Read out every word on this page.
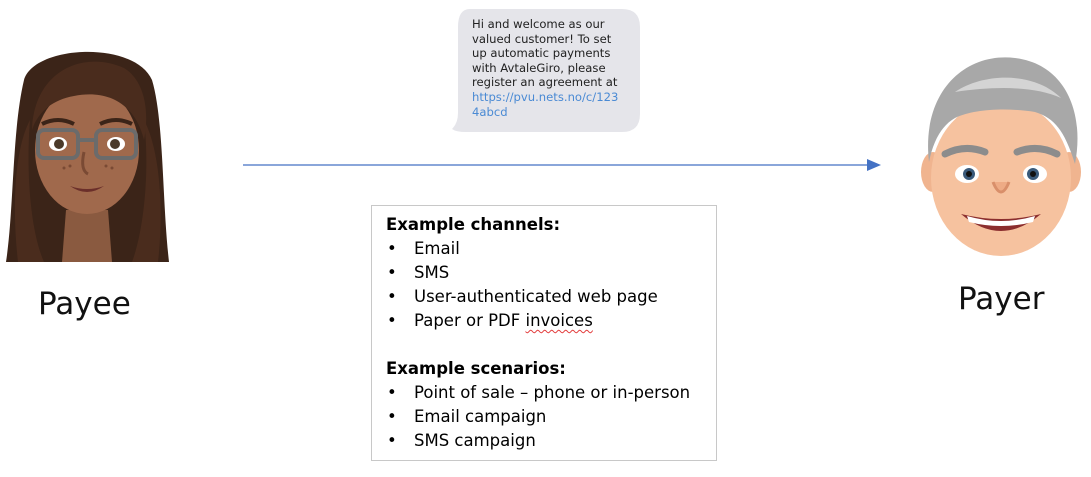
Payee
Hi and welcome as our valued customer! To set up automatic payments with AvtaleGiro, please register an agreement at
https://pvu.nets.no/c/1234abcd

Example channels:

• Email
• SMS
• User-authenticated web page
• Paper or PDF invoices

Example scenarios:

• Point of sale – phone or in-person
• Email campaign
• SMS campaign
Payer
